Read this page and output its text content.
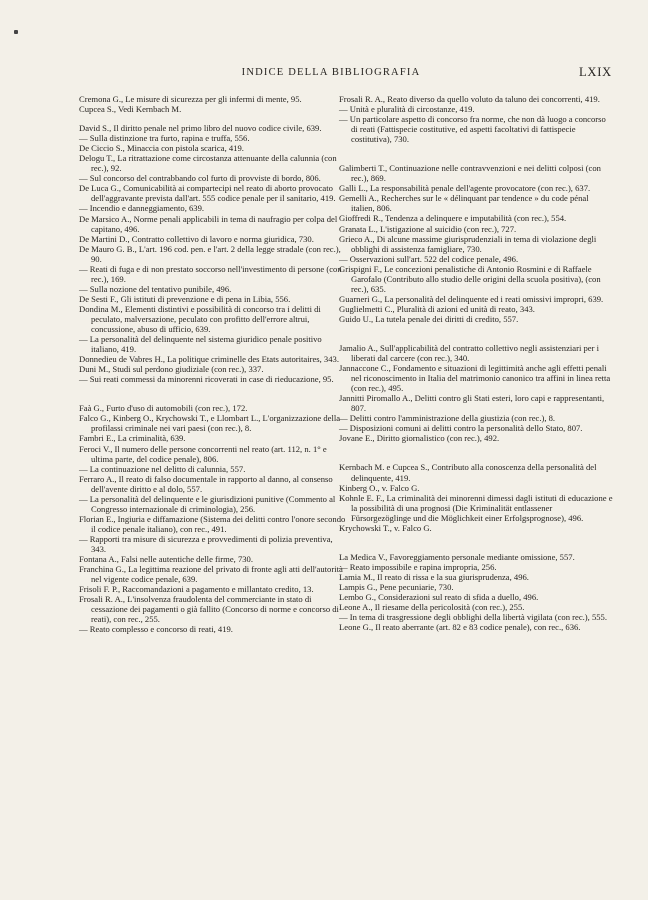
INDICE DELLA BIBLIOGRAFIA	LXIX

Cremona G., Le misure di sicurezza per gli infermi di mente, 95.

Cupcea S., Vedi Kernbach M.

David S., Il diritto penale nel primo libro del nuovo codice civile, 639.

— Sulla distinzione tra furto, rapina e truffa, 556.

De Ciccio S., Minaccia con pistola scarica, 419.

Delogu T., La ritrattazione come circostanza attenuante della calunnia (con rec.), 92.

— Sul concorso del contrabbando col furto di provviste di bordo, 806.

De Luca G., Comunicabilità ai compartecipi nel reato di aborto provocato dell'aggravante prevista dall'art. 555 codice penale per il sanitario, 419.

— Incendio e danneggiamento, 639.

De Marsico A., Norme penali applicabili in tema di naufragio per colpa del capitano, 496.

De Martini D., Contratto collettivo di lavoro e norma giuridica, 730.

De Mauro G. B., L'art. 196 cod. pen. e l'art. 2 della legge stradale (con rec.), 90.

— Reati di fuga e di non prestato soccorso nell'investimento di persone (con rec.), 169.

— Sulla nozione del tentativo punibile, 496.

De Sesti F., Gli istituti di prevenzione e di pena in Libia, 556.

Dondina M., Elementi distintivi e possibilità di concorso tra i delitti di peculato, malversazione, peculato con profitto dell'errore altrui, concussione, abuso di ufficio, 639.

— La personalità del delinquente nel sistema giuridico penale positivo italiano, 419.

Donnedieu de Vabres H., La politique criminelle des Etats autoritaires, 343.

Duni M., Studi sul perdono giudiziale (con rec.), 337.

— Sui reati commessi da minorenni ricoverati in case di rieducazione, 95.

Faà G., Furto d'uso di automobili (con rec.), 172.

Falco G., Kinberg O., Krychowski T., e Llombart L., L'organizzazione della profilassi criminale nei vari paesi (con rec.), 8.

Fambri E., La criminalità, 639.

Feroci V., Il numero delle persone concorrenti nel reato (art. 112, n. 1° e ultima parte, del codice penale), 806.

— La continuazione nel delitto di calunnia, 557.

Ferraro A., Il reato di falso documentale in rapporto al danno, al consenso dell'avente diritto e al dolo, 557.

— La personalità del delinquente e le giurisdizioni punitive (Commento al Congresso internazionale di criminologia), 256.

Florian E., Ingiuria e diffamazione (Sistema dei delitti contro l'onore secondo il codice penale italiano), con rec., 491.

— Rapporti tra misure di sicurezza e provvedimenti di polizia preventiva, 343.

Fontana A., Falsi nelle autentiche delle firme, 730.

Franchina G., La legittima reazione del privato di fronte agli atti dell'autorità nel vigente codice penale, 639.

Frisoli F. P., Raccomandazioni a pagamento e millantato credito, 13.

Frosali R. A., L'insolvenza fraudolenta del commerciante in stato di cessazione dei pagamenti o già fallito (Concorso di norme e concorso di reati), con rec., 255.

— Reato complesso e concorso di reati, 419.

Frosali R. A., Reato diverso da quello voluto da taluno dei concorrenti, 419.

— Unità e pluralità di circostanze, 419.

— Un particolare aspetto di concorso fra norme, che non dà luogo a concorso di reati (Fattispecie costitutive, ed aspetti facoltativi di fattispecie costitutiva), 730.

Galimberti T., Continuazione nelle contravvenzioni e nei delitti colposi (con rec.), 869.

Galli L., La responsabilità penale dell'agente provocatore (con rec.), 637.

Gemelli A., Recherches sur le « délinquant par tendence » du code pénal italien, 806.

Gioffredi R., Tendenza a delinquere e imputabilità (con rec.), 554.

Granata L., L'istigazione al suicidio (con rec.), 727.

Grieco A., Di alcune massime giurisprudenziali in tema di violazione degli obblighi di assistenza famigliare, 730.

— Osservazioni sull'art. 522 del codice penale, 496.

Grispigni F., Le concezioni penalistiche di Antonio Rosmini e di Raffaele Garofalo (Contributo allo studio delle origini della scuola positiva), (con rec.), 635.

Guarneri G., La personalità del delinquente ed i reati omissivi impropri, 639.

Guglielmetti C., Pluralità di azioni ed unità di reato, 343.

Guido U., La tutela penale dei diritti di credito, 557.

Jamalio A., Sull'applicabilità del contratto collettivo negli assistenziari per i liberati dal carcere (con rec.), 340.

Jannaccone C., Fondamento e situazioni di legittimità anche agli effetti penali nel riconoscimento in Italia del matrimonio canonico tra affini in linea retta (con rec.), 495.

Jannitti Piromallo A., Delitti contro gli Stati esteri, loro capi e rappresentanti, 807.

— Delitti contro l'amministrazione della giustizia (con rec.), 8.

— Disposizioni comuni ai delitti contro la personalità dello Stato, 807.

Jovane E., Diritto giornalistico (con rec.), 492.

Kernbach M. e Cupcea S., Contributo alla conoscenza della personalità del delinquente, 419.

Kinberg O., v. Falco G.

Kohnle E. F., La criminalità dei minorenni dimessi dagli istituti di educazione e la possibilità di una prognosi (Die Kriminalität entlassener Fürsorgezöglinge und die Möglichkeit einer Erfolgsprognose), 496.

Krychowski T., v. Falco G.

La Medica V., Favoreggiamento personale mediante omissione, 557.

— Reato impossibile e rapina impropria, 256.

Lamia M., Il reato di rissa e la sua giurisprudenza, 496.

Lampis G., Pene pecuniarie, 730.

Lembo G., Considerazioni sul reato di sfida a duello, 496.

Leone A., Il riesame della pericolosità (con rec.), 255.

— In tema di trasgressione degli obblighi della libertà vigilata (con rec.), 555.

Leone G., Il reato aberrante (art. 82 e 83 codice penale), con rec., 636.
